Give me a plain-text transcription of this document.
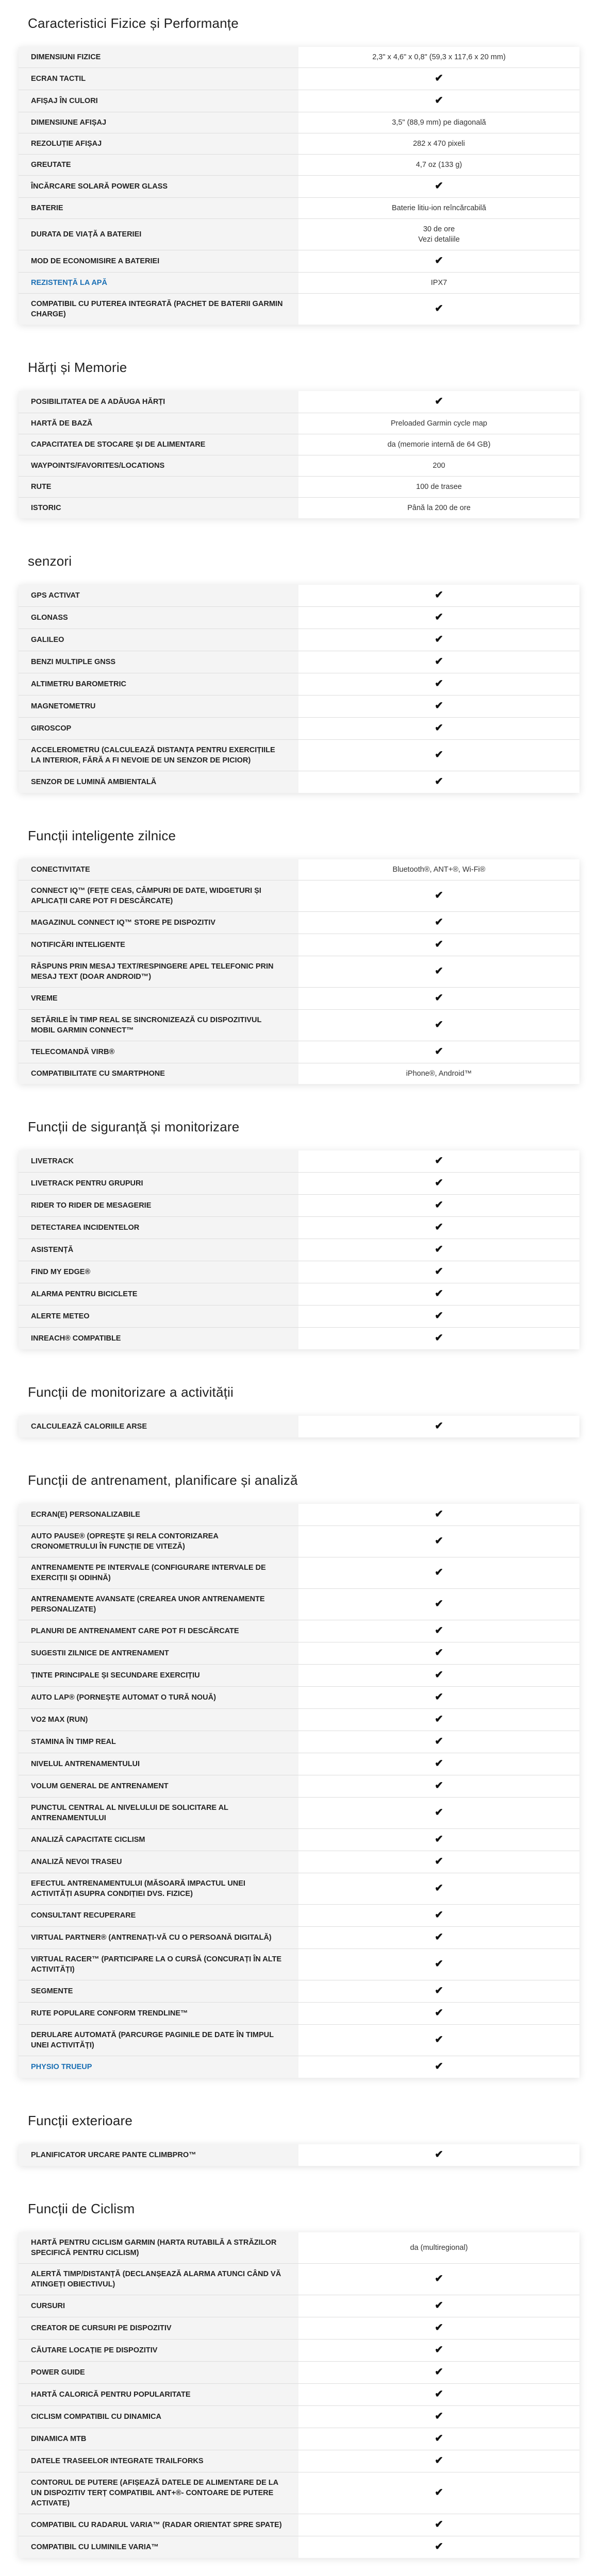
Caracteristici Fizice și Performanțe
DIMENSIUNI FIZICE	2,3" x 4,6" x 0,8" (59,3 x 117,6 x 20 mm)
ECRAN TACTIL	✔
AFIȘAJ ÎN CULORI	✔
DIMENSIUNE AFIȘAJ	3,5" (88,9 mm) pe diagonală
REZOLUȚIE AFIȘAJ	282 x 470 pixeli
GREUTATE	4,7 oz (133 g)
ÎNCĂRCARE SOLARĂ POWER GLASS	✔
BATERIE	Baterie litiu-ion reîncărcabilă
DURATA DE VIAȚĂ A BATERIEI	30 de ore
Vezi detaliile
MOD DE ECONOMISIRE A BATERIEI	✔
REZISTENȚĂ LA APĂ	IPX7
COMPATIBIL CU PUTEREA INTEGRATĂ (PACHET DE BATERII GARMIN CHARGE)	✔
Hărți și Memorie
POSIBILITATEA DE A ADĂUGA HĂRȚI	✔
HARTĂ DE BAZĂ	Preloaded Garmin cycle map
CAPACITATEA DE STOCARE ȘI DE ALIMENTARE	da (memorie internă de 64 GB)
WAYPOINTS/FAVORITES/LOCATIONS	200
RUTE	100 de trasee
ISTORIC	Până la 200 de ore
senzori
GPS ACTIVAT	✔
GLONASS	✔
GALILEO	✔
BENZI MULTIPLE GNSS	✔
ALTIMETRU BAROMETRIC	✔
MAGNETOMETRU	✔
GIROSCOP	✔
ACCELEROMETRU (CALCULEAZĂ DISTANȚA PENTRU EXERCIȚIILE LA INTERIOR, FĂRĂ A FI NEVOIE DE UN SENZOR DE PICIOR)	✔
SENZOR DE LUMINĂ AMBIENTALĂ	✔
Funcții inteligente zilnice
CONECTIVITATE	Bluetooth®, ANT+®, Wi-Fi®
CONNECT IQ™ (FEȚE CEAS, CÂMPURI DE DATE, WIDGETURI ȘI APLICAȚII CARE POT FI DESCĂRCATE)	✔
MAGAZINUL CONNECT IQ™ STORE PE DISPOZITIV	✔
NOTIFICĂRI INTELIGENTE	✔
RĂSPUNS PRIN MESAJ TEXT/RESPINGERE APEL TELEFONIC PRIN MESAJ TEXT (DOAR ANDROID™)	✔
VREME	✔
SETĂRILE ÎN TIMP REAL SE SINCRONIZEAZĂ CU DISPOZITIVUL MOBIL GARMIN CONNECT™	✔
TELECOMANDĂ VIRB®	✔
COMPATIBILITATE CU SMARTPHONE	iPhone®, Android™
Funcții de siguranță și monitorizare
LIVETRACK	✔
LIVETRACK PENTRU GRUPURI	✔
RIDER TO RIDER DE MESAGERIE	✔
DETECTAREA INCIDENTELOR	✔
ASISTENȚĂ	✔
FIND MY EDGE®	✔
ALARMA PENTRU BICICLETE	✔
ALERTE METEO	✔
INREACH® COMPATIBLE	✔
Funcții de monitorizare a activității
CALCULEAZĂ CALORIILE ARSE	✔
Funcții de antrenament, planificare și analiză
ECRAN(E) PERSONALIZABILE	✔
AUTO PAUSE® (OPREȘTE ȘI RELA CONTORIZAREA CRONOMETRULUI ÎN FUNCȚIE DE VITEZĂ)	✔
ANTRENAMENTE PE INTERVALE (CONFIGURARE INTERVALE DE EXERCIȚII ȘI ODIHNĂ)	✔
ANTRENAMENTE AVANSATE (CREAREA UNOR ANTRENAMENTE PERSONALIZATE)	✔
PLANURI DE ANTRENAMENT CARE POT FI DESCĂRCATE	✔
SUGESTII ZILNICE DE ANTRENAMENT	✔
ȚINTE PRINCIPALE ȘI SECUNDARE EXERCIȚIU	✔
AUTO LAP® (PORNEȘTE AUTOMAT O TURĂ NOUĂ)	✔
VO2 MAX (RUN)	✔
STAMINA ÎN TIMP REAL	✔
NIVELUL ANTRENAMENTULUI	✔
VOLUM GENERAL DE ANTRENAMENT	✔
PUNCTUL CENTRAL AL NIVELULUI DE SOLICITARE AL ANTRENAMENTULUI	✔
ANALIZĂ CAPACITATE CICLISM	✔
ANALIZĂ NEVOI TRASEU	✔
EFECTUL ANTRENAMENTULUI (MĂSOARĂ IMPACTUL UNEI ACTIVITĂȚI ASUPRA CONDIȚIEI DVS. FIZICE)	✔
CONSULTANT RECUPERARE	✔
VIRTUAL PARTNER® (ANTRENAȚI-VĂ CU O PERSOANĂ DIGITALĂ)	✔
VIRTUAL RACER™ (PARTICIPARE LA O CURSĂ (CONCURAȚI ÎN ALTE ACTIVITĂȚI)	✔
SEGMENTE	✔
RUTE POPULARE CONFORM TRENDLINE™	✔
DERULARE AUTOMATĂ (PARCURGE PAGINILE DE DATE ÎN TIMPUL UNEI ACTIVITĂȚI)	✔
PHYSIO TRUEUP	✔
Funcții exterioare
PLANIFICATOR URCARE PANTE CLIMBPRO™	✔
Funcții de Ciclism
HARTĂ PENTRU CICLISM GARMIN (HARTA RUTABILĂ A STRĂZILOR SPECIFICĂ PENTRU CICLISM)	da (multiregional)
ALERTĂ TIMP/DISTANȚĂ (DECLANȘEAZĂ ALARMA ATUNCI CÂND VĂ ATINGEȚI OBIECTIVUL)	✔
CURSURI	✔
CREATOR DE CURSURI PE DISPOZITIV	✔
CĂUTARE LOCAȚIE PE DISPOZITIV	✔
POWER GUIDE	✔
HARTĂ CALORICĂ PENTRU POPULARITATE	✔
CICLISM COMPATIBIL CU DINAMICA	✔
DINAMICA MTB	✔
DATELE TRASEELOR INTEGRATE TRAILFORKS	✔
CONTORUL DE PUTERE (AFIȘEAZĂ DATELE DE ALIMENTARE DE LA UN DISPOZITIV TERȚ COMPATIBIL ANT+®- CONTOARE DE PUTERE ACTIVATE)	✔
COMPATIBIL CU RADARUL VARIA™ (RADAR ORIENTAT SPRE SPATE)	✔
COMPATIBIL CU LUMINILE VARIA™	✔
